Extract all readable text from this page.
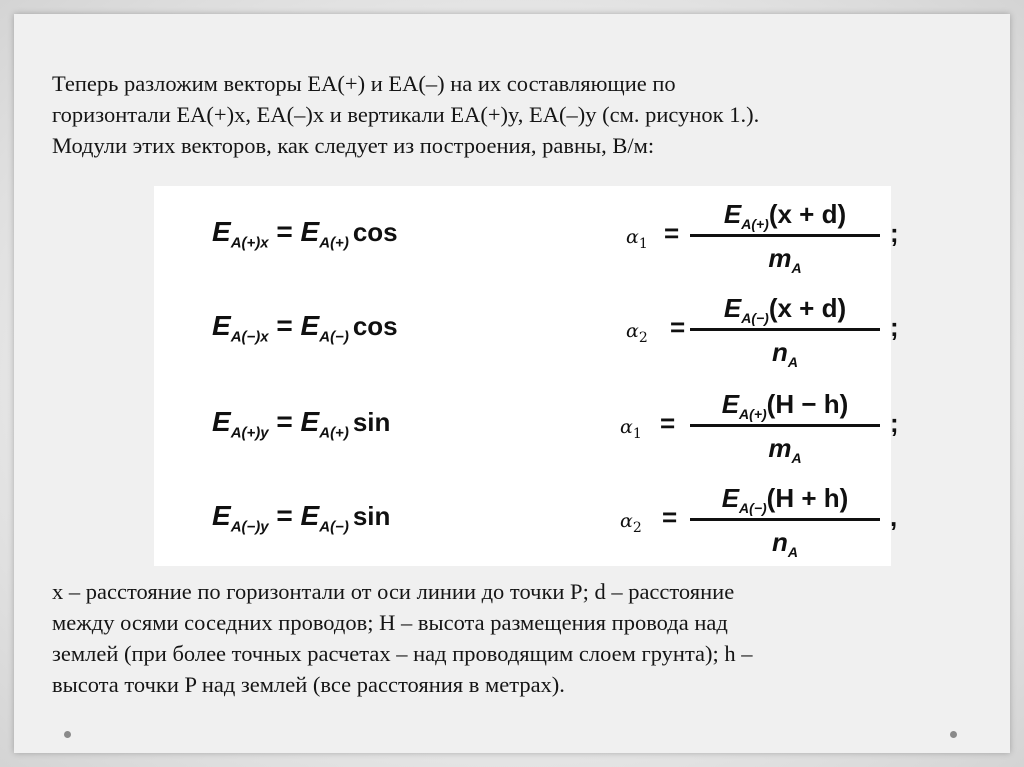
Теперь разложим векторы EA(+) и EA(–) на их составляющие по
горизонтали EA(+)x, EA(–)x и вертикали EA(+)y, EA(–)y (см. рисунок 1.).
Модули этих векторов, как следует из построения, равны, В/м:
$E_{A(+)x} = E_{A(+)}$ cos	$\alpha_1$ =
$E_{A(+)}(x + d)$
$m_A$
;
$E_{A(-)x} = E_{A(-)}$ cos	$\alpha_2$ =
$E_{A(-)}(x + d)$
$n_A$
;
$E_{A(+)y} = E_{A(+)}$ sin	$\alpha_1$ =
$E_{A(+)}(H - h)$
$m_A$
;
$E_{A(-)y} = E_{A(-)}$ sin	$\alpha_2$ =
$E_{A(-)}(H + h)$
$n_A$
,
x – расстояние по горизонтали от оси линии до точки P; d – расстояние
между осями соседних проводов; H – высота размещения провода над
землей (при более точных расчетах – над проводящим слоем грунта); h –
высота точки P над землей (все расстояния в метрах).
